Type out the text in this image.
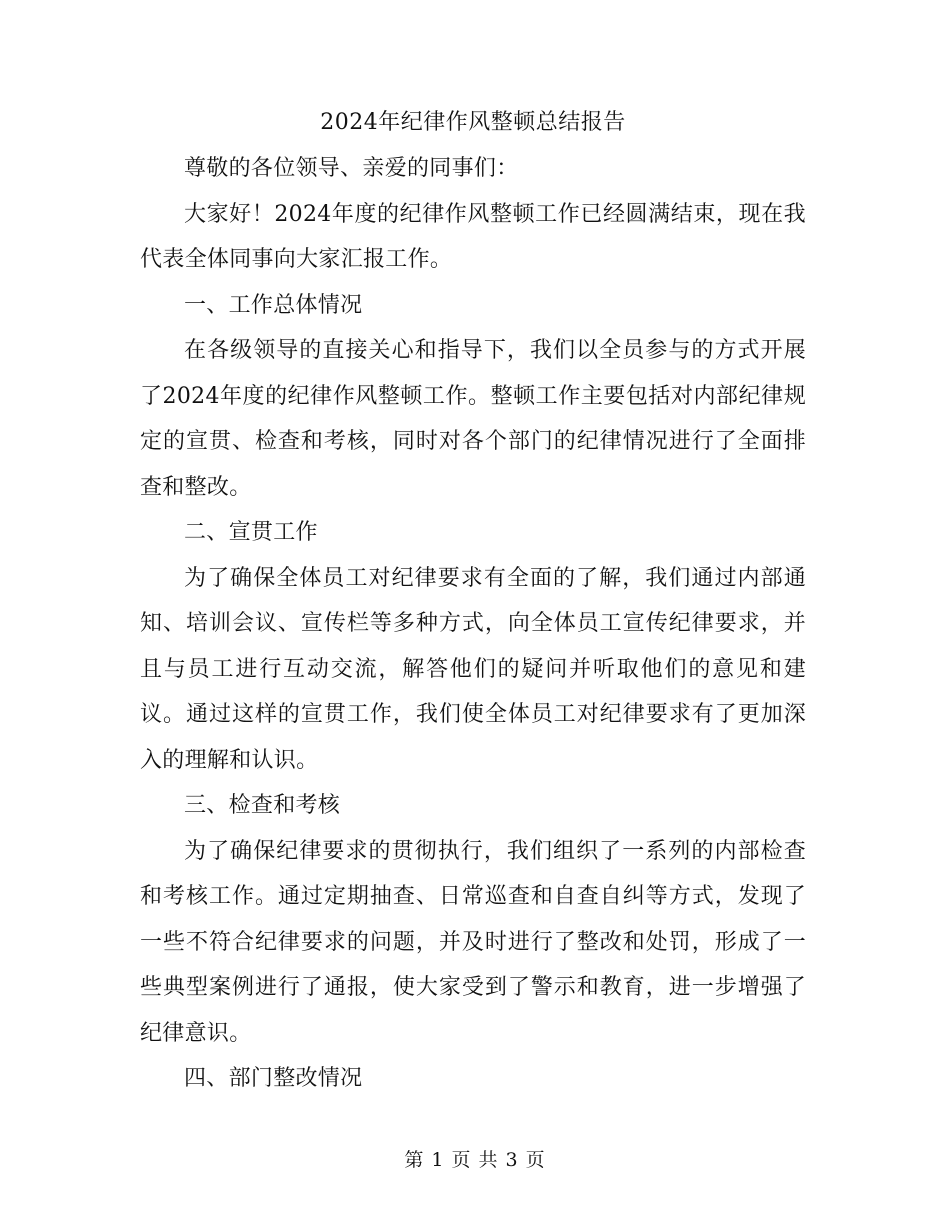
2024年纪律作风整顿总结报告

尊敬的各位领导、亲爱的同事们：

大家好！2024年度的纪律作风整顿工作已经圆满结束，现在我代表全体同事向大家汇报工作。

一、工作总体情况

在各级领导的直接关心和指导下，我们以全员参与的方式开展了2024年度的纪律作风整顿工作。整顿工作主要包括对内部纪律规定的宣贯、检查和考核，同时对各个部门的纪律情况进行了全面排查和整改。

二、宣贯工作

为了确保全体员工对纪律要求有全面的了解，我们通过内部通知、培训会议、宣传栏等多种方式，向全体员工宣传纪律要求，并且与员工进行互动交流，解答他们的疑问并听取他们的意见和建议。通过这样的宣贯工作，我们使全体员工对纪律要求有了更加深入的理解和认识。

三、检查和考核

为了确保纪律要求的贯彻执行，我们组织了一系列的内部检查和考核工作。通过定期抽查、日常巡查和自查自纠等方式，发现了一些不符合纪律要求的问题，并及时进行了整改和处罚，形成了一些典型案例进行了通报，使大家受到了警示和教育，进一步增强了纪律意识。

四、部门整改情况

第 1 页 共 3 页
